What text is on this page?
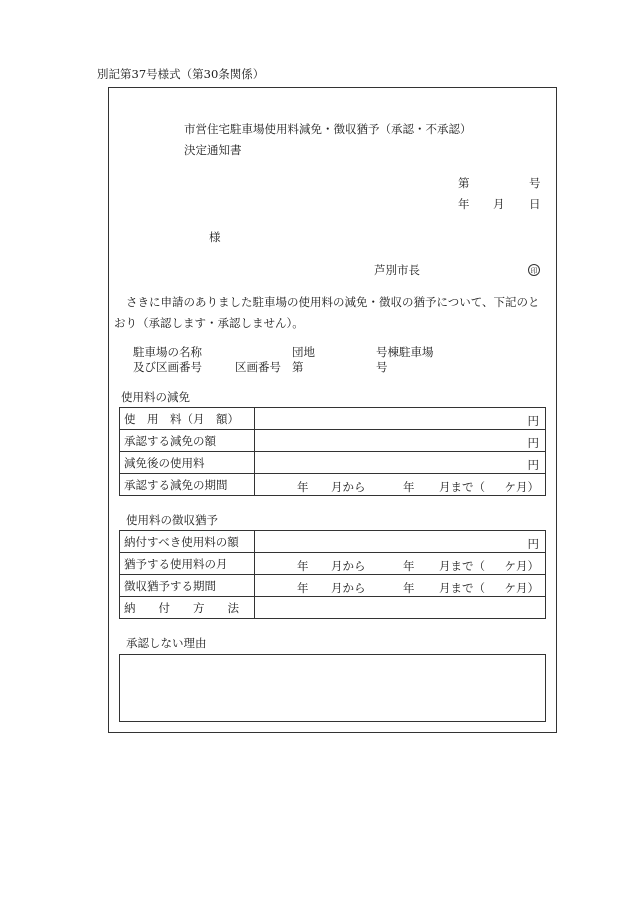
別記第37号様式（第30条関係）
市営住宅駐車場使用料減免・徴収猶予（承認・不承認）
決定通知書
第	号
年 月 日
様
芦別市長	印
さきに申請のありました駐車場の使用料の減免・徴収の猶予について、下記のと
おり（承認します・承認しません）。
駐車場の名称	団地	号棟駐車場
及び区画番号	区画番号 第	号
使用料の減免
使　用　料（月　額）	円

承認する減免の額	円

減免後の使用料	円

承認する減免の期間	年 月から 年 月まで（ ケ月）
使用料の徴収猶予
納付すべき使用料の額	円

猶予する使用料の月	年 月から 年 月まで（ ケ月）

徴収猶予する期間	年 月から 年 月まで（ ケ月）

納　　付　　方　　法	
承認しない理由
